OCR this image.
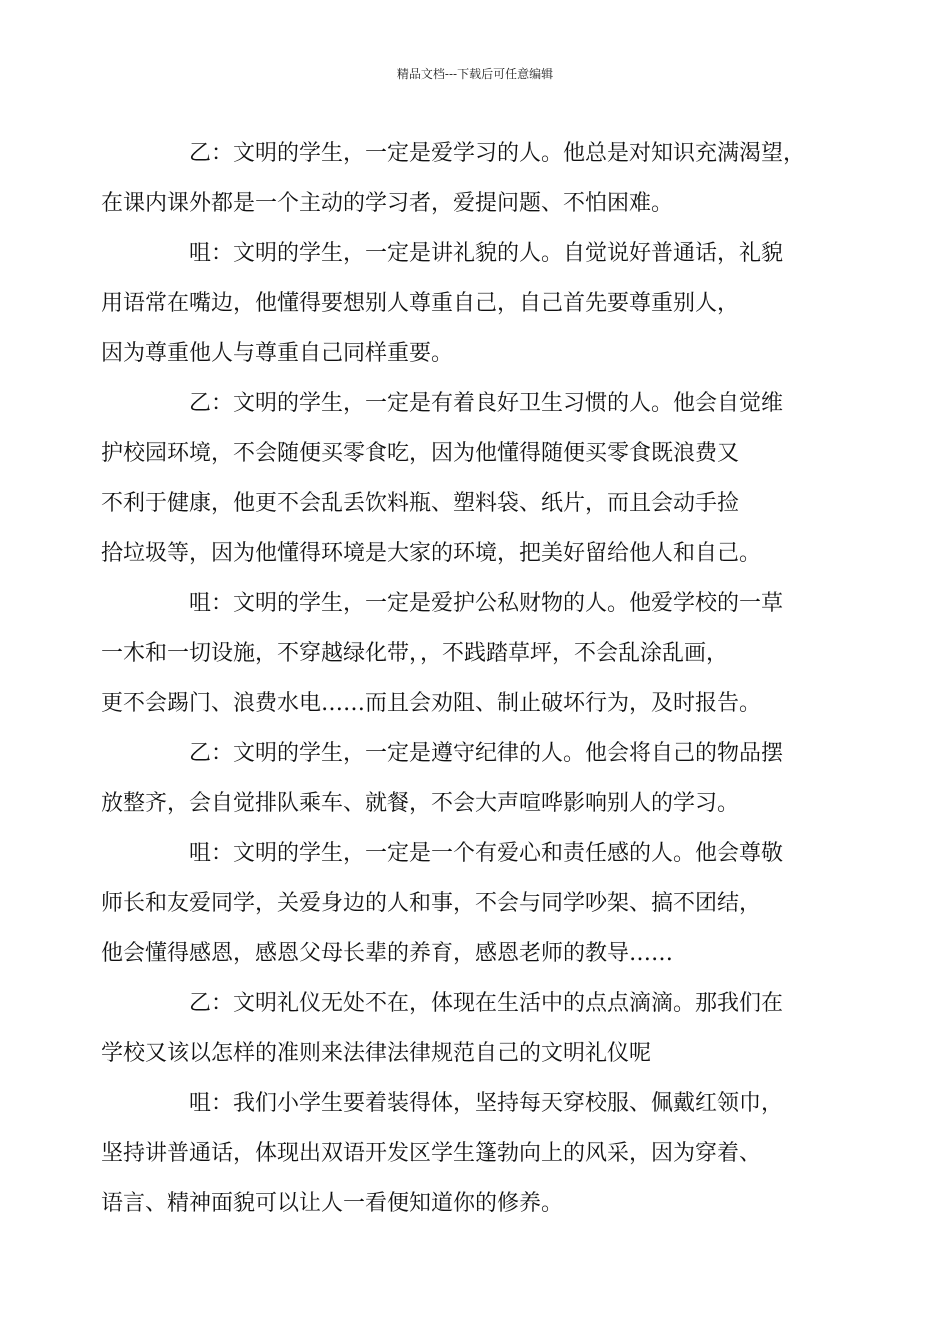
精品文档---下载后可任意编辑
乙：文明的学生，一定是爱学习的人。他总是对知识充满渴望，
在课内课外都是一个主动的学习者，爱提问题、不怕困难。
咀：文明的学生，一定是讲礼貌的人。自觉说好普通话，礼貌
用语常在嘴边，他懂得要想别人尊重自己，自己首先要尊重别人，
因为尊重他人与尊重自己同样重要。
乙：文明的学生，一定是有着良好卫生习惯的人。他会自觉维
护校园环境，不会随便买零食吃，因为他懂得随便买零食既浪费又
不利于健康，他更不会乱丢饮料瓶、塑料袋、纸片，而且会动手捡
拾垃圾等，因为他懂得环境是大家的环境，把美好留给他人和自己。
咀：文明的学生，一定是爱护公私财物的人。他爱学校的一草
一木和一切设施，不穿越绿化带，，不践踏草坪，不会乱涂乱画，
更不会踢门、浪费水电……而且会劝阻、制止破坏行为，及时报告。
乙：文明的学生，一定是遵守纪律的人。他会将自己的物品摆
放整齐，会自觉排队乘车、就餐，不会大声喧哗影响别人的学习。
咀：文明的学生，一定是一个有爱心和责任感的人。他会尊敬
师长和友爱同学，关爱身边的人和事，不会与同学吵架、搞不团结，
他会懂得感恩，感恩父母长辈的养育，感恩老师的教导……
乙：文明礼仪无处不在，体现在生活中的点点滴滴。那我们在
学校又该以怎样的准则来法律法律规范自己的文明礼仪呢
咀：我们小学生要着装得体，坚持每天穿校服、佩戴红领巾，
坚持讲普通话，体现出双语开发区学生篷勃向上的风采，因为穿着、
语言、精神面貌可以让人一看便知道你的修养。
